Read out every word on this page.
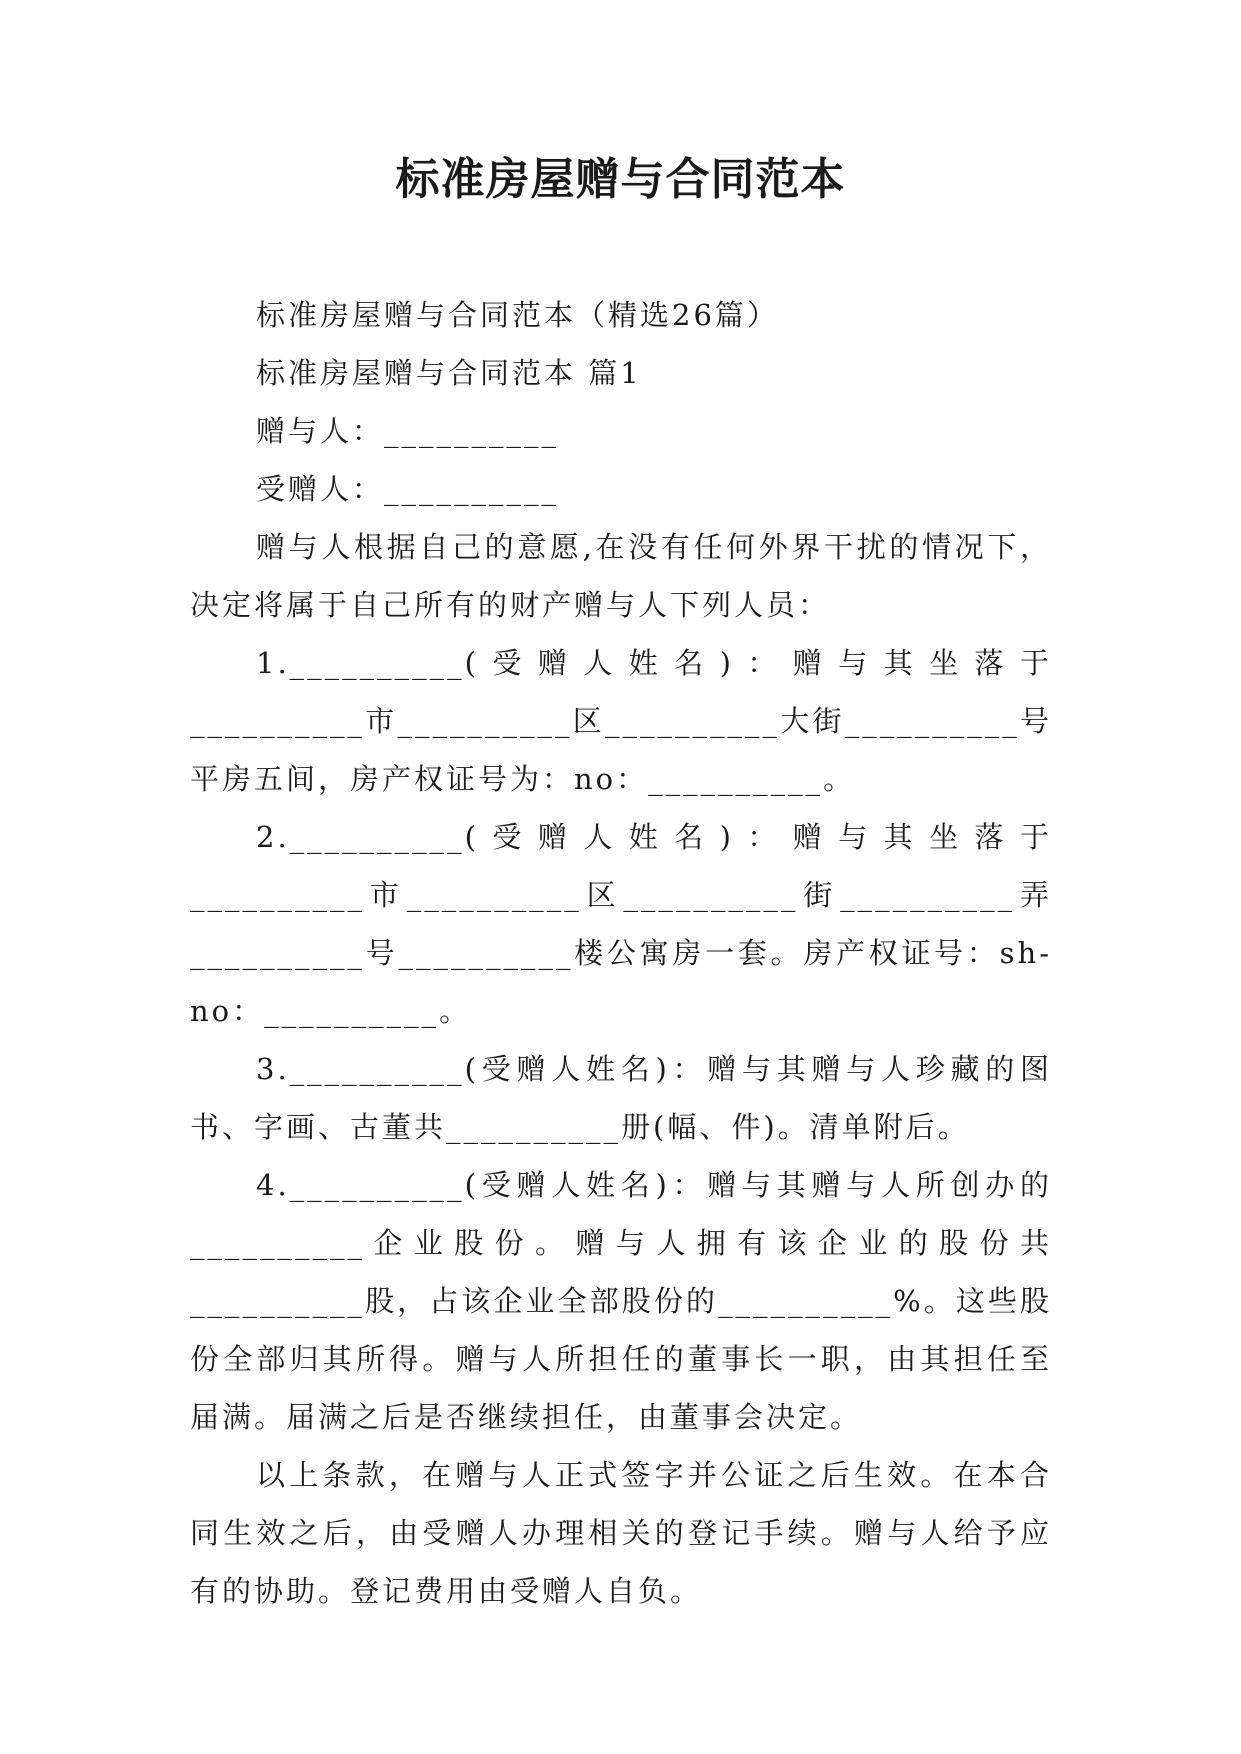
标准房屋赠与合同范本

标准房屋赠与合同范本（精选26篇）

标准房屋赠与合同范本 篇1

赠与人：__________

受赠人：__________

赠与人根据自己的意愿,在没有任何外界干扰的情况下，决定将属于自己所有的财产赠与人下列人员：

1.__________(受赠人姓名)：赠与其坐落于__________市__________区__________大街__________号平房五间，房产权证号为：no：__________。

2.__________(受赠人姓名)：赠与其坐落于__________市__________区__________街__________弄__________号__________楼公寓房一套。房产权证号：sh-no：__________。

3.__________(受赠人姓名)：赠与其赠与人珍藏的图书、字画、古董共__________册(幅、件)。清单附后。

4.__________(受赠人姓名)：赠与其赠与人所创办的__________企业股份。赠与人拥有该企业的股份共__________股，占该企业全部股份的__________%。这些股份全部归其所得。赠与人所担任的董事长一职，由其担任至届满。届满之后是否继续担任，由董事会决定。

以上条款，在赠与人正式签字并公证之后生效。在本合同生效之后，由受赠人办理相关的登记手续。赠与人给予应有的协助。登记费用由受赠人自负。
